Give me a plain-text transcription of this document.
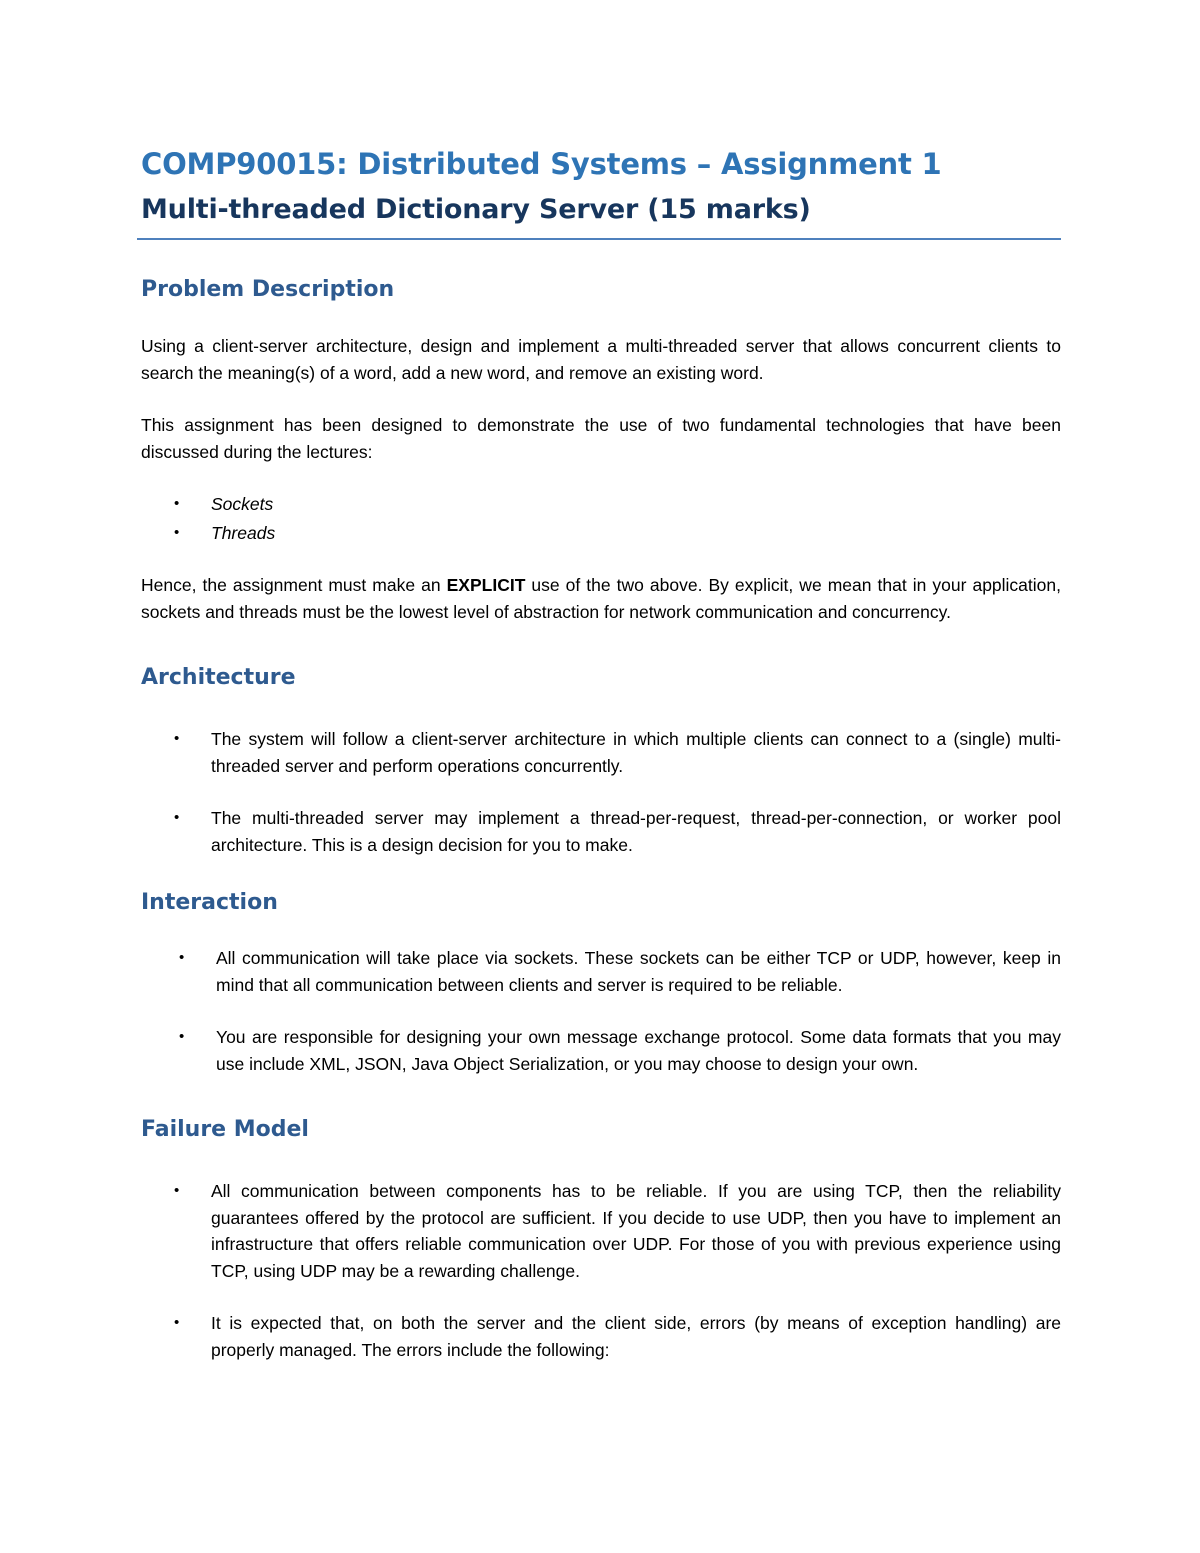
COMP90015: Distributed Systems – Assignment 1
Multi-threaded Dictionary Server (15 marks)
Problem Description

Using a client-server architecture, design and implement a multi-threaded server that allows concurrent clients to search the meaning(s) of a word, add a new word, and remove an existing word.

This assignment has been designed to demonstrate the use of two fundamental technologies that have been discussed during the lectures:

• Sockets
• Threads

Hence, the assignment must make an EXPLICIT use of the two above. By explicit, we mean that in your application, sockets and threads must be the lowest level of abstraction for network communication and concurrency.

Architecture
• The system will follow a client-server architecture in which multiple clients can connect to a (single) multi-threaded server and perform operations concurrently.
• The multi-threaded server may implement a thread-per-request, thread-per-connection, or worker pool architecture. This is a design decision for you to make.
Interaction
• All communication will take place via sockets. These sockets can be either TCP or UDP, however, keep in mind that all communication between clients and server is required to be reliable.
• You are responsible for designing your own message exchange protocol. Some data formats that you may use include XML, JSON, Java Object Serialization, or you may choose to design your own.
Failure Model
• All communication between components has to be reliable. If you are using TCP, then the reliability guarantees offered by the protocol are sufficient. If you decide to use UDP, then you have to implement an infrastructure that offers reliable communication over UDP. For those of you with previous experience using TCP, using UDP may be a rewarding challenge.
• It is expected that, on both the server and the client side, errors (by means of exception handling) are properly managed. The errors include the following:
